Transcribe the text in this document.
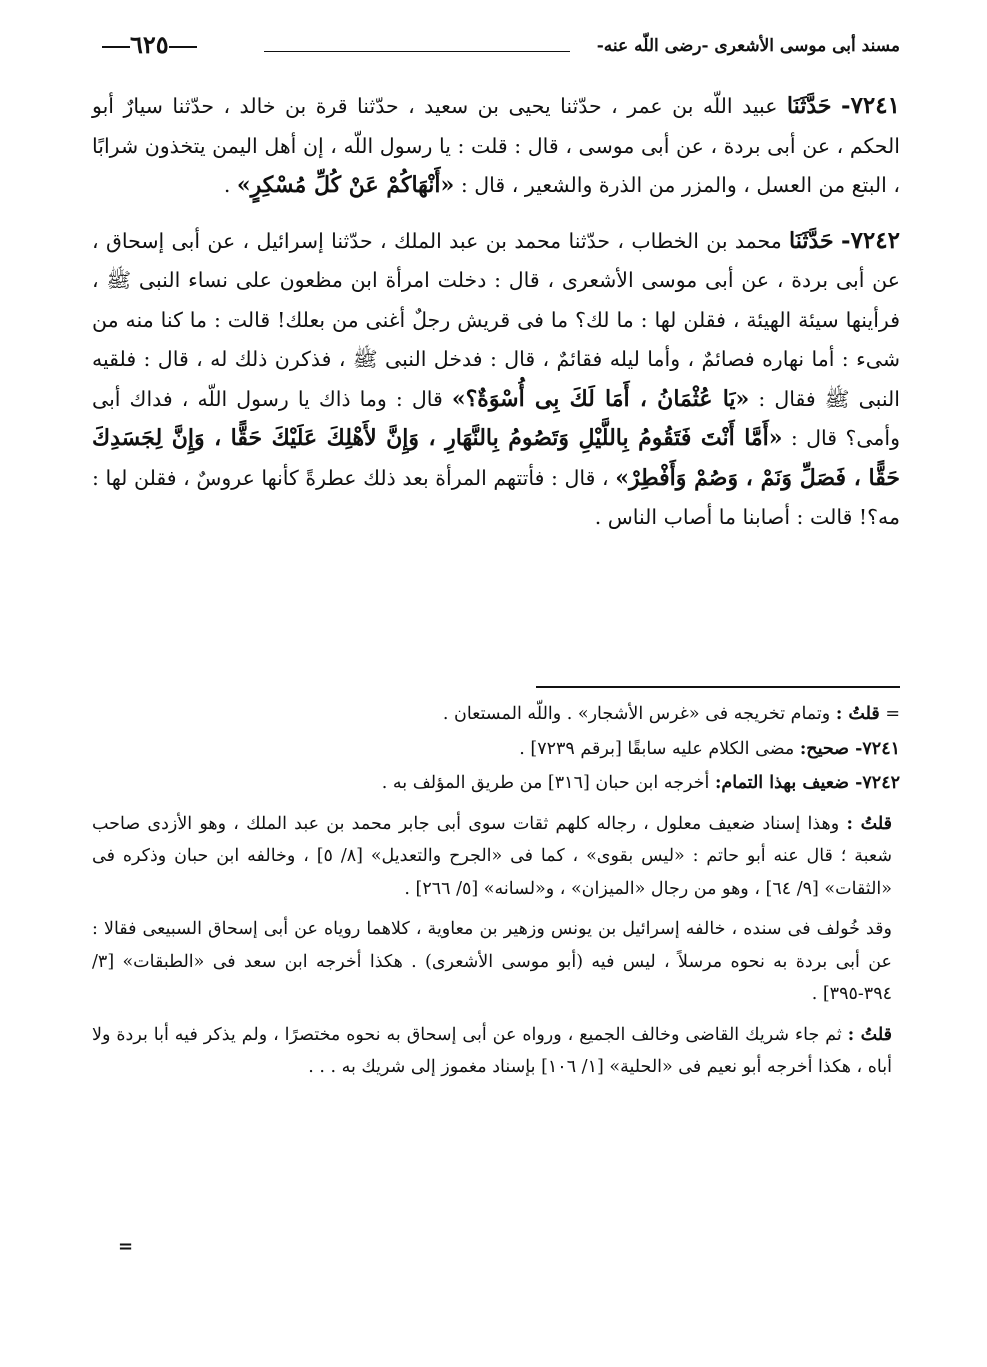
مسند أبى موسى الأشعرى -رضى اللّه عنه-
٦٢٥

٧٢٤١- حَدَّثَنَا عبيد اللّه بن عمر ، حدّثنا يحيى بن سعيد ، حدّثنا قرة بن خالد ، حدّثنا سيارٌ أبو الحكم ، عن أبى بردة ، عن أبى موسى ، قال : قلت : يا رسول اللّه ، إن أهل اليمن يتخذون شرابًا ، البتع من العسل ، والمزر من الذرة والشعير ، قال : «أَنْهَاكُمْ عَنْ كُلِّ مُسْكِرٍ» .

٧٢٤٢- حَدَّثَنَا محمد بن الخطاب ، حدّثنا محمد بن عبد الملك ، حدّثنا إسرائيل ، عن أبى إسحاق ، عن أبى بردة ، عن أبى موسى الأشعرى ، قال : دخلت امرأة ابن مظعون على نساء النبى ﷺ ، فرأينها سيئة الهيئة ، فقلن لها : ما لك؟ ما فى قريش رجلٌ أغنى من بعلك! قالت : ما كنا منه من شىء : أما نهاره فصائمٌ ، وأما ليله فقائمٌ ، قال : فدخل النبى ﷺ ، فذكرن ذلك له ، قال : فلقيه النبى ﷺ فقال : «يَا عُثْمَانُ ، أَمَا لَكَ بِى أُسْوَةٌ؟» قال : وما ذاك يا رسول اللّه ، فداك أبى وأمى؟ قال : «أَمَّا أَنْتَ فَتَقُومُ بِاللَّيْلِ وَتَصُومُ بِالنَّهَارِ ، وَإِنَّ لأَهْلِكَ عَلَيْكَ حَقًّا ، وَإِنَّ لِجَسَدِكَ حَقًّا ، فَصَلِّ وَنَمْ ، وَصُمْ وَأَفْطِرْ» ، قال : فأتتهم المرأة بعد ذلك عطرةً كأنها عروسٌ ، فقلن لها : مه؟! قالت : أصابنا ما أصاب الناس .

= قلتُ : وتمام تخريجه فى «غرس الأشجار» . واللّه المستعان .

٧٢٤١- صحيح: مضى الكلام عليه سابقًا [برقم ٧٢٣٩] .

٧٢٤٢- ضعيف بهذا التمام: أخرجه ابن حبان [٣١٦] من طريق المؤلف به .

قلتُ : وهذا إسناد ضعيف معلول ، رجاله كلهم ثقات سوى أبى جابر محمد بن عبد الملك ، وهو الأزدى صاحب شعبة ؛ قال عنه أبو حاتم : «ليس بقوى» ، كما فى «الجرح والتعديل» [٨/ ٥] ، وخالفه ابن حبان وذكره فى «الثقات» [٩/ ٦٤] ، وهو من رجال «الميزان» ، و«لسانه» [٥/ ٢٦٦] .

وقد خُولف فى سنده ، خالفه إسرائيل بن يونس وزهير بن معاوية ، كلاهما روياه عن أبى إسحاق السبيعى فقالا : عن أبى بردة به نحوه مرسلاً ، ليس فيه (أبو موسى الأشعرى) . هكذا أخرجه ابن سعد فى «الطبقات» [٣/ ٣٩٤-٣٩٥] .

قلتُ : ثم جاء شريك القاضى وخالف الجميع ، ورواه عن أبى إسحاق به نحوه مختصرًا ، ولم يذكر فيه أبا بردة ولا أباه ، هكذا أخرجه أبو نعيم فى «الحلية» [١/ ١٠٦] بإسناد مغموز إلى شريك به . . .

=
